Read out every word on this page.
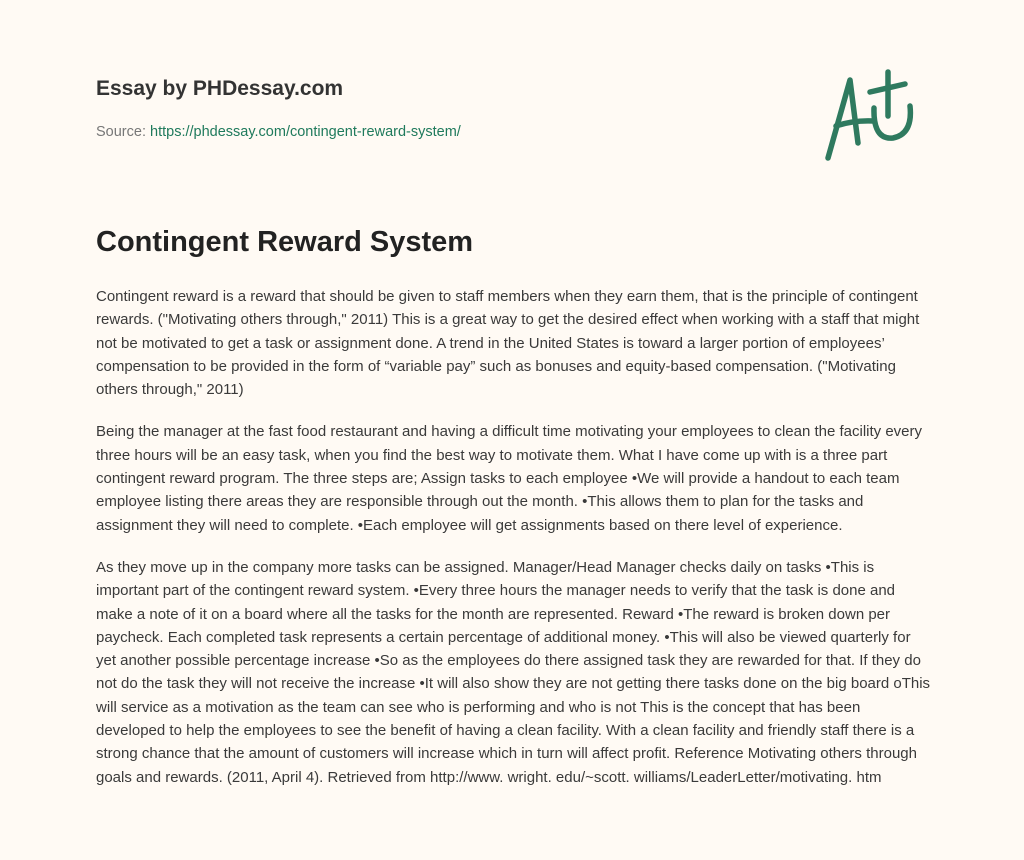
Essay by PHDessay.com
Source: https://phdessay.com/contingent-reward-system/
Contingent Reward System

Contingent reward is a reward that should be given to staff members when they earn them, that is the principle of contingent rewards. ("Motivating others through," 2011) This is a great way to get the desired effect when working with a staff that might not be motivated to get a task or assignment done. A trend in the United States is toward a larger portion of employees’ compensation to be provided in the form of “variable pay” such as bonuses and equity-based compensation. ("Motivating others through," 2011)

Being the manager at the fast food restaurant and having a difficult time motivating your employees to clean the facility every three hours will be an easy task, when you find the best way to motivate them. What I have come up with is a three part contingent reward program. The three steps are; Assign tasks to each employee •We will provide a handout to each team employee listing there areas they are responsible through out the month. •This allows them to plan for the tasks and assignment they will need to complete. •Each employee will get assignments based on there level of experience.

As they move up in the company more tasks can be assigned. Manager/Head Manager checks daily on tasks •This is important part of the contingent reward system. •Every three hours the manager needs to verify that the task is done and make a note of it on a board where all the tasks for the month are represented. Reward •The reward is broken down per paycheck. Each completed task represents a certain percentage of additional money. •This will also be viewed quarterly for yet another possible percentage increase •So as the employees do there assigned task they are rewarded for that. If they do not do the task they will not receive the increase •It will also show they are not getting there tasks done on the big board oThis will service as a motivation as the team can see who is performing and who is not This is the concept that has been developed to help the employees to see the benefit of having a clean facility. With a clean facility and friendly staff there is a strong chance that the amount of customers will increase which in turn will affect profit. Reference Motivating others through goals and rewards. (2011, April 4). Retrieved from http://www. wright. edu/~scott. williams/LeaderLetter/motivating. htm
